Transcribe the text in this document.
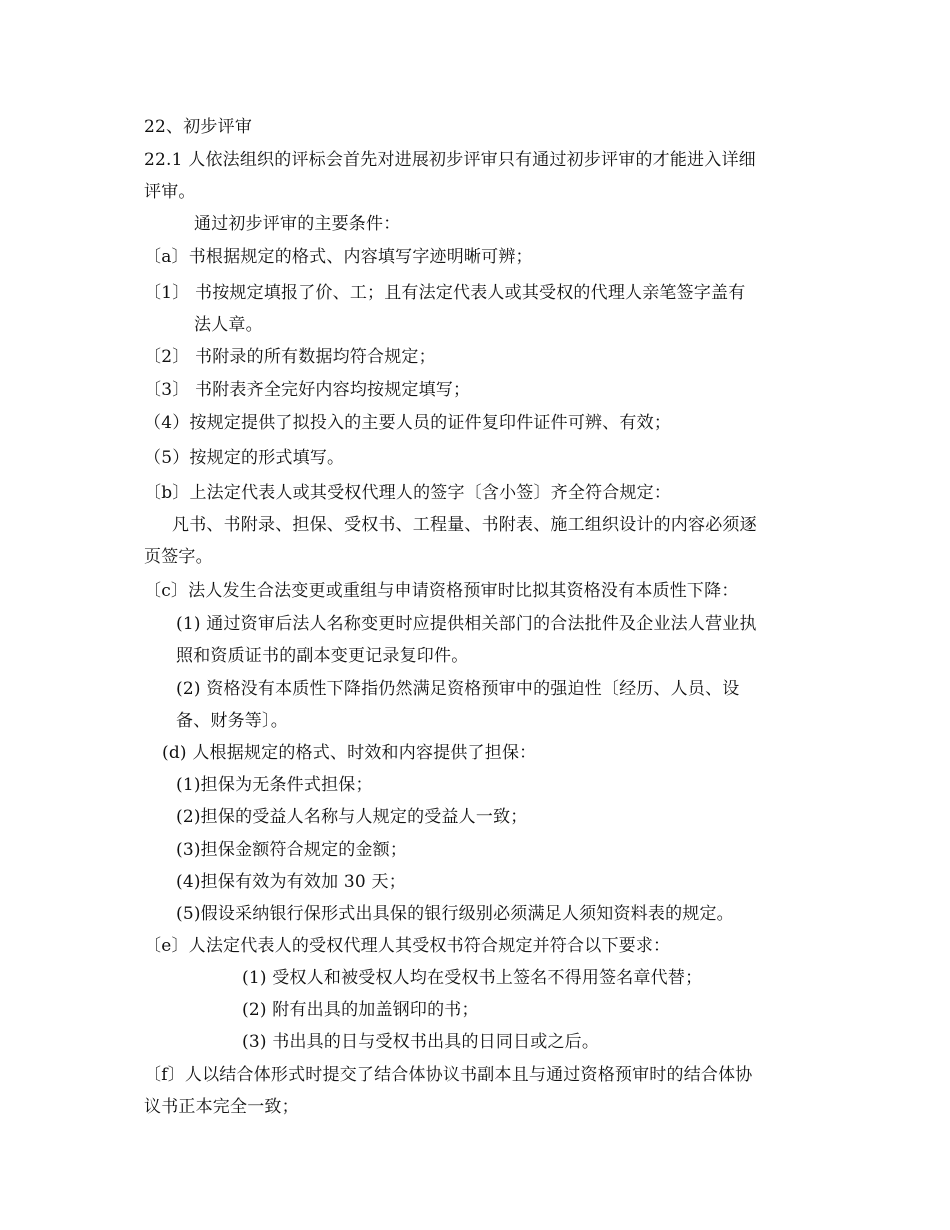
22、初步评审
22.1 人依法组织的评标会首先对进展初步评审只有通过初步评审的才能进入详细
评审。
通过初步评审的主要条件：
〔a〕书根据规定的格式、内容填写字迹明晰可辨；
〔1〕 书按规定填报了价、工；且有法定代表人或其受权的代理人亲笔签字盖有
法人章。
〔2〕 书附录的所有数据均符合规定；
〔3〕 书附表齐全完好内容均按规定填写；
（4）按规定提供了拟投入的主要人员的证件复印件证件可辨、有效；
（5）按规定的形式填写。
〔b〕上法定代表人或其受权代理人的签字〔含小签〕齐全符合规定：
凡书、书附录、担保、受权书、工程量、书附表、施工组织设计的内容必须逐
页签字。
〔c〕法人发生合法变更或重组与申请资格预审时比拟其资格没有本质性下降：
(1) 通过资审后法人名称变更时应提供相关部门的合法批件及企业法人营业执
照和资质证书的副本变更记录复印件。
(2) 资格没有本质性下降指仍然满足资格预审中的强迫性〔经历、人员、设
备、财务等〕。
(d) 人根据规定的格式、时效和内容提供了担保：
(1)担保为无条件式担保；
(2)担保的受益人名称与人规定的受益人一致；
(3)担保金额符合规定的金额；
(4)担保有效为有效加 30 天；
(5)假设采纳银行保形式出具保的银行级别必须满足人须知资料表的规定。
〔e〕人法定代表人的受权代理人其受权书符合规定并符合以下要求：
(1) 受权人和被受权人均在受权书上签名不得用签名章代替；
(2) 附有出具的加盖钢印的书；
(3) 书出具的日与受权书出具的日同日或之后。
〔f〕人以结合体形式时提交了结合体协议书副本且与通过资格预审时的结合体协
议书正本完全一致；
